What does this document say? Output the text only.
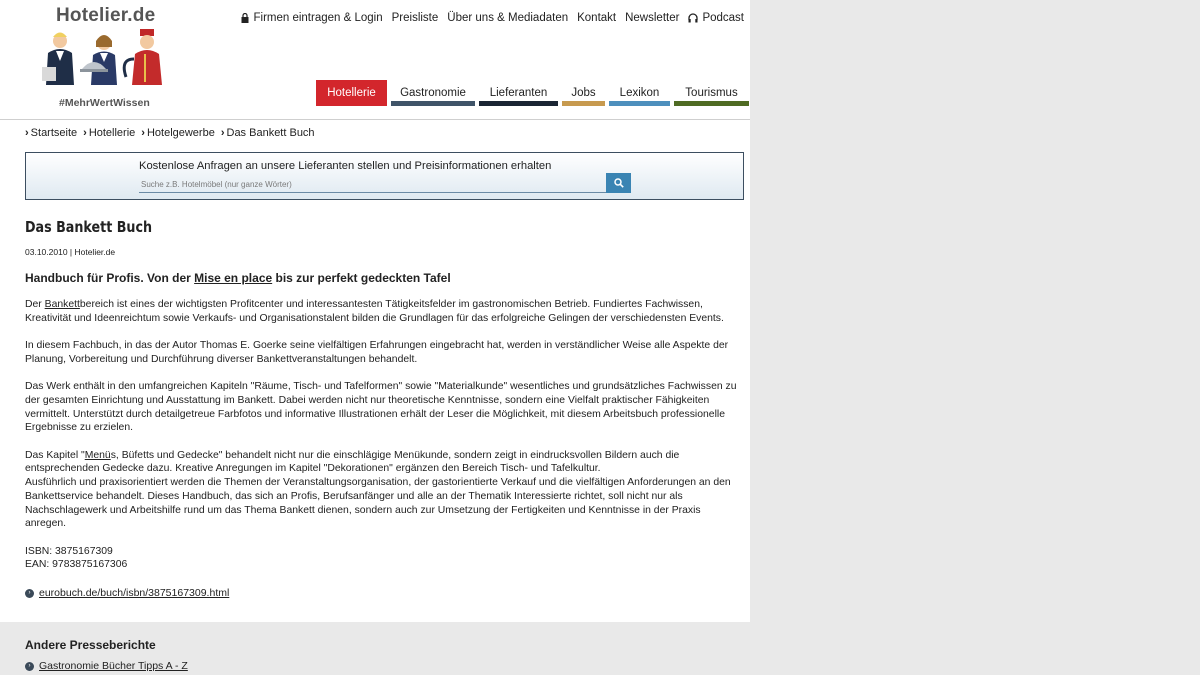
Hotelier.de
#MehrWertWissen
Firmen eintragen & Login Preisliste Über uns & Mediadaten Kontakt Newsletter Podcast
Hotellerie	Gastronomie	Lieferanten	Jobs	Lexikon	Tourismus
› Startseite › Hotellerie › Hotelgewerbe › Das Bankett Buch
Kostenlose Anfragen an unsere Lieferanten stellen und Preisinformationen erhalten
Suche z.B. Hotelmöbel (nur ganze Wörter)
Das Bankett Buch
03.10.2010 | Hotelier.de
Handbuch für Profis. Von der Mise en place bis zur perfekt gedeckten Tafel

Der Bankettbereich ist eines der wichtigsten Profitcenter und interessantesten Tätigkeitsfelder im gastronomischen Betrieb. Fundiertes Fachwissen, Kreativität und Ideenreichtum sowie Verkaufs- und Organisationstalent bilden die Grundlagen für das erfolgreiche Gelingen der verschiedensten Events.

In diesem Fachbuch, in das der Autor Thomas E. Goerke seine vielfältigen Erfahrungen eingebracht hat, werden in verständlicher Weise alle Aspekte der Planung, Vorbereitung und Durchführung diverser Bankettveranstaltungen behandelt.

Das Werk enthält in den umfangreichen Kapiteln "Räume, Tisch- und Tafelformen" sowie "Materialkunde" wesentliches und grundsätzliches Fachwissen zu der gesamten Einrichtung und Ausstattung im Bankett. Dabei werden nicht nur theoretische Kenntnisse, sondern eine Vielfalt praktischer Fähigkeiten vermittelt. Unterstützt durch detailgetreue Farbfotos und informative Illustrationen erhält der Leser die Möglichkeit, mit diesem Arbeitsbuch professionelle Ergebnisse zu erzielen.

Das Kapitel "Menüs, Büfetts und Gedecke" behandelt nicht nur die einschlägige Menükunde, sondern zeigt in eindrucksvollen Bildern auch die entsprechenden Gedecke dazu. Kreative Anregungen im Kapitel "Dekorationen" ergänzen den Bereich Tisch- und Tafelkultur.
Ausführlich und praxisorientiert werden die Themen der Veranstaltungsorganisation, der gastorientierte Verkauf und die vielfältigen Anforderungen an den Bankettservice behandelt. Dieses Handbuch, das sich an Profis, Berufsanfänger und alle an der Thematik Interessierte richtet, soll nicht nur als Nachschlagewerk und Arbeitshilfe rund um das Thema Bankett dienen, sondern auch zur Umsetzung der Fertigkeiten und Kenntnisse in der Praxis anregen.

ISBN: 3875167309
EAN: 9783875167306

› eurobuch.de/buch/isbn/3875167309.html
Andere Presseberichte
› Gastronomie Bücher Tipps A - Z
